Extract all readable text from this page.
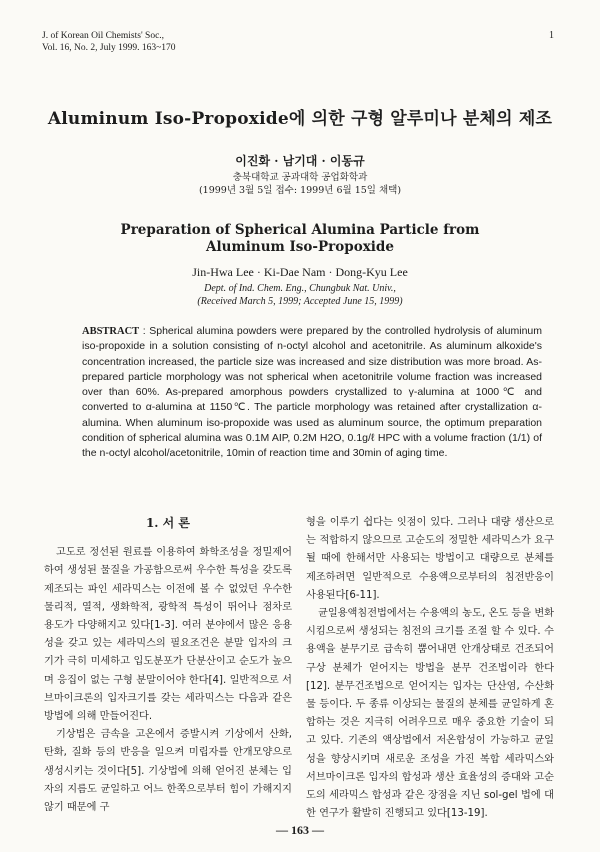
J. of Korean Oil Chemists' Soc.,
Vol. 16, No. 2, July 1999. 163~170
1
Aluminum Iso-Propoxide에 의한 구형 알루미나 분체의 제조
이진화 · 남기대 · 이동규
충북대학교 공과대학 공업화학과
(1999년 3월 5일 접수: 1999년 6월 15일 채택)
Preparation of Spherical Alumina Particle from
Aluminum Iso-Propoxide
Jin-Hwa Lee · Ki-Dae Nam · Dong-Kyu Lee
Dept. of Ind. Chem. Eng., Chungbuk Nat. Univ.,
(Received March 5, 1999; Accepted June 15, 1999)
ABSTRACT : Spherical alumina powders were prepared by the controlled hydrolysis of aluminum iso-propoxide in a solution consisting of n-octyl alcohol and acetonitrile. As aluminum alkoxide's concentration increased, the particle size was increased and size distribution was more broad. As-prepared particle morphology was not spherical when acetonitrile volume fraction was increased over than 60%. As-prepared amorphous powders crystallized to γ-alumina at 1000℃ and converted to α-alumina at 1150℃. The particle morphology was retained after crystallization α-alumina. When aluminum iso-propoxide was used as aluminum source, the optimum preparation condition of spherical alumina was 0.1M AIP, 0.2M H2O, 0.1g/ℓ HPC with a volume fraction (1/1) of the n-octyl alcohol/acetonitrile, 10min of reaction time and 30min of aging time.
1. 서 론

고도로 정선된 원료를 이용하여 화학조성을 정밀제어하여 생성된 물질을 가공함으로써 우수한 특성을 갖도록 제조되는 파인 세라믹스는 이전에 볼 수 없었던 우수한 물리적, 열적, 생화학적, 광학적 특성이 뛰어나 점차로 용도가 다양해지고 있다[1-3]. 여러 분야에서 많은 응용성을 갖고 있는 세라믹스의 필요조건은 분말 입자의 크기가 극히 미세하고 입도분포가 단분산이고 순도가 높으며 응집이 없는 구형 분말이어야 한다[4]. 일반적으로 서브마이크론의 입자크기를 갖는 세라믹스는 다음과 같은 방법에 의해 만들어진다.

기상법은 금속을 고온에서 증발시켜 기상에서 산화, 탄화, 질화 등의 반응을 일으켜 미립자를 안개모양으로 생성시키는 것이다[5]. 기상법에 의해 얻어진 분체는 입자의 지름도 균일하고 어느 한쪽으로부터 힘이 가해지지 않기 때문에 구

형을 이루기 쉽다는 잇점이 있다. 그러나 대량 생산으로는 적합하지 않으므로 고순도의 정밀한 세라믹스가 요구될 때에 한해서만 사용되는 방법이고 대량으로 분체를 제조하려면 일반적으로 수용액으로부터의 침전반응이 사용된다[6-11].

균일용액침전법에서는 수용액의 농도, 온도 등을 변화시킴으로써 생성되는 침전의 크기를 조절 할 수 있다. 수용액을 분무기로 급속히 뿜어내면 안개상태로 건조되어 구상 분체가 얻어지는 방법을 분무 건조법이라 한다[12]. 분무건조법으로 얻어지는 입자는 단산염, 수산화물 등이다. 두 종류 이상되는 물질의 분체를 균일하게 혼합하는 것은 지극히 어려우므로 매우 중요한 기술이 되고 있다. 기존의 액상법에서 저온합성이 가능하고 균일성을 향상시키며 새로운 조성을 가진 복합 세라믹스와 서브마이크론 입자의 합성과 생산 효율성의 증대와 고순도의 세라믹스 합성과 같은 장점을 지닌 sol-gel 법에 대한 연구가 활발히 진행되고 있다[13-19].

— 163 —
